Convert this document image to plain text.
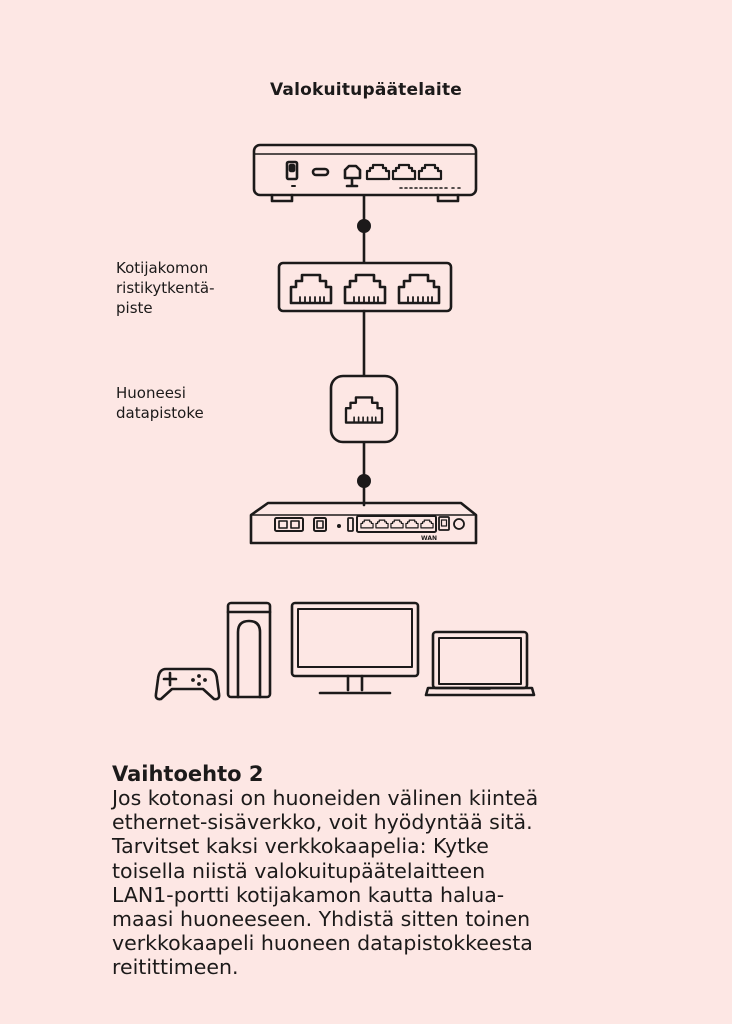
Valokuitupäätelaite
Kotijakomon
ristikytkentä-
piste
Huoneesi
datapistoke
WAN
Vaihtoehto 2
Jos kotonasi on huoneiden välinen kiinteä
ethernet-sisäverkko, voit hyödyntää sitä.
Tarvitset kaksi verkkokaapelia: Kytke
toisella niistä valokuitupäätelaitteen
LAN1-portti kotijakamon kautta halua-
maasi huoneeseen. Yhdistä sitten toinen
verkkokaapeli huoneen datapistokkeesta
reitittimeen.
